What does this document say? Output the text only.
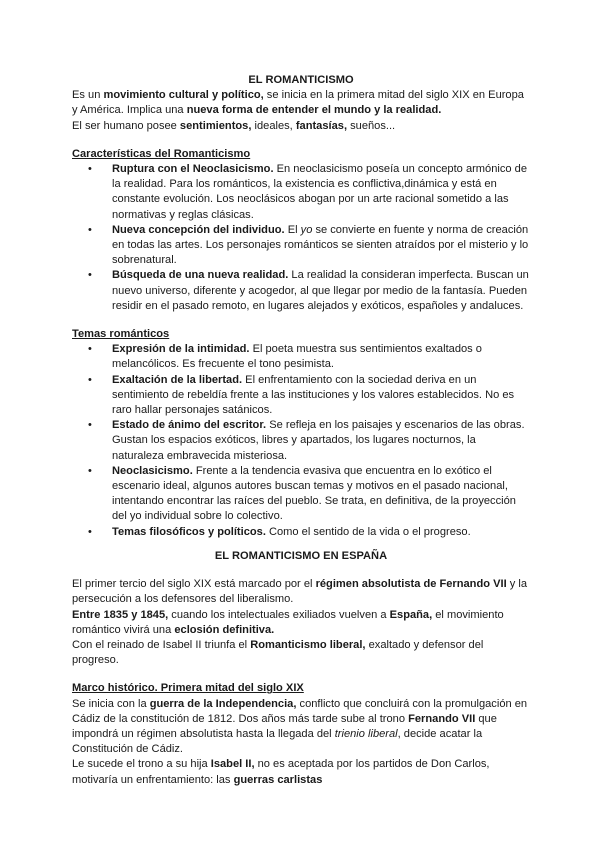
EL ROMANTICISMO

Es un movimiento cultural y político, se inicia en la primera mitad del siglo XIX en Europa y América. Implica una nueva forma de entender el mundo y la realidad.

El ser humano posee sentimientos, ideales, fantasías, sueños...

Características del Romanticismo

• Ruptura con el Neoclasicismo. En neoclasicismo poseía un concepto armónico de la realidad. Para los románticos, la existencia es conflictiva,dinámica y está en constante evolución. Los neoclásicos abogan por un arte racional sometido a las normativas y reglas clásicas.
• Nueva concepción del individuo. El yo se convierte en fuente y norma de creación en todas las artes. Los personajes románticos se sienten atraídos por el misterio y lo sobrenatural.
• Búsqueda de una nueva realidad. La realidad la consideran imperfecta. Buscan un nuevo universo, diferente y acogedor, al que llegar por medio de la fantasía. Pueden residir en el pasado remoto, en lugares alejados y exóticos, españoles y andaluces.

Temas románticos

• Expresión de la intimidad. El poeta muestra sus sentimientos exaltados o melancólicos. Es frecuente el tono pesimista.
• Exaltación de la libertad. El enfrentamiento con la sociedad deriva en un sentimiento de rebeldía frente a las instituciones y los valores establecidos. No es raro hallar personajes satánicos.
• Estado de ánimo del escritor. Se refleja en los paisajes y escenarios de las obras. Gustan los espacios exóticos, libres y apartados, los lugares nocturnos, la naturaleza embravecida misteriosa.
• Neoclasicismo. Frente a la tendencia evasiva que encuentra en lo exótico el escenario ideal, algunos autores buscan temas y motivos en el pasado nacional, intentando encontrar las raíces del pueblo. Se trata, en definitiva, de la proyección del yo individual sobre lo colectivo.
• Temas filosóficos y políticos. Como el sentido de la vida o el progreso.

EL ROMANTICISMO EN ESPAÑA

El primer tercio del siglo XIX está marcado por el régimen absolutista de Fernando VII y la persecución a los defensores del liberalismo.

Entre 1835 y 1845, cuando los intelectuales exiliados vuelven a España, el movimiento romántico vivirá una eclosión definitiva.

Con el reinado de Isabel II triunfa el Romanticismo liberal, exaltado y defensor del progreso.

Marco histórico. Primera mitad del siglo XIX

Se inicia con la guerra de la Independencia, conflicto que concluirá con la promulgación en Cádiz de la constitución de 1812. Dos años más tarde sube al trono Fernando VII que impondrá un régimen absolutista hasta la llegada del trienio liberal, decide acatar la Constitución de Cádiz.

Le sucede el trono a su hija Isabel II, no es aceptada por los partidos de Don Carlos, motivaría un enfrentamiento: las guerras carlistas
